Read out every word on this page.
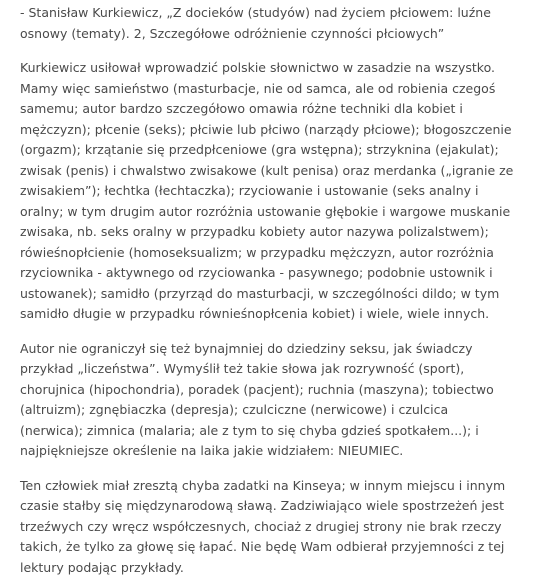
- Stanisław Kurkiewicz, „Z docieków (studyów) nad życiem płciowem: luźne osnowy (tematy). 2, Szczegółowe odróżnienie czynności płciowych”

Kurkiewicz usiłował wprowadzić polskie słownictwo w zasadzie na wszystko. Mamy więc samieństwo (masturbacje, nie od samca, ale od robienia czegoś samemu; autor bardzo szczegółowo omawia różne techniki dla kobiet i mężczyzn); płcenie (seks); płciwie lub płciwo (narządy płciowe); błogoszczenie (orgazm); krzątanie się przedpłceniowe (gra wstępna); strzyknina (ejakulat); zwisak (penis) i chwalstwo zwisakowe (kult penisa) oraz merdanka („igranie ze zwisakiem”); łechtka (łechtaczka); rzyciowanie i ustowanie (seks analny i oralny; w tym drugim autor rozróżnia ustowanie głębokie i wargowe muskanie zwisaka, nb. seks oralny w przypadku kobiety autor nazywa polizalstwem); rówieśnopłcienie (homoseksualizm; w przypadku mężczyzn, autor rozróżnia rzyciownika - aktywnego od rzyciowanka - pasywnego; podobnie ustownik i ustowanek); samidło (przyrząd do masturbacji, w szczególności dildo; w tym samidło długie w przypadku równieśnopłcenia kobiet) i wiele, wiele innych.

Autor nie ograniczył się też bynajmniej do dziedziny seksu, jak świadczy przykład „liczeństwa”. Wymyślił też takie słowa jak rozrywność (sport), chorujnica (hipochondria), poradek (pacjent); ruchnia (maszyna); tobiectwo (altruizm); zgnębiaczka (depresja); czulciczne (nerwicowe) i czulcica (nerwica); zimnica (malaria; ale z tym to się chyba gdzieś spotkałem...); i najpiękniejsze określenie na laika jakie widziałem: NIEUMIEC.

Ten człowiek miał zresztą chyba zadatki na Kinseya; w innym miejscu i innym czasie stałby się międzynarodową sławą. Zadziwiająco wiele spostrzeżeń jest trzeźwych czy wręcz współczesnych, chociaż z drugiej strony nie brak rzeczy takich, że tylko za głowę się łapać. Nie będę Wam odbierał przyjemności z tej lektury podając przykłady.
